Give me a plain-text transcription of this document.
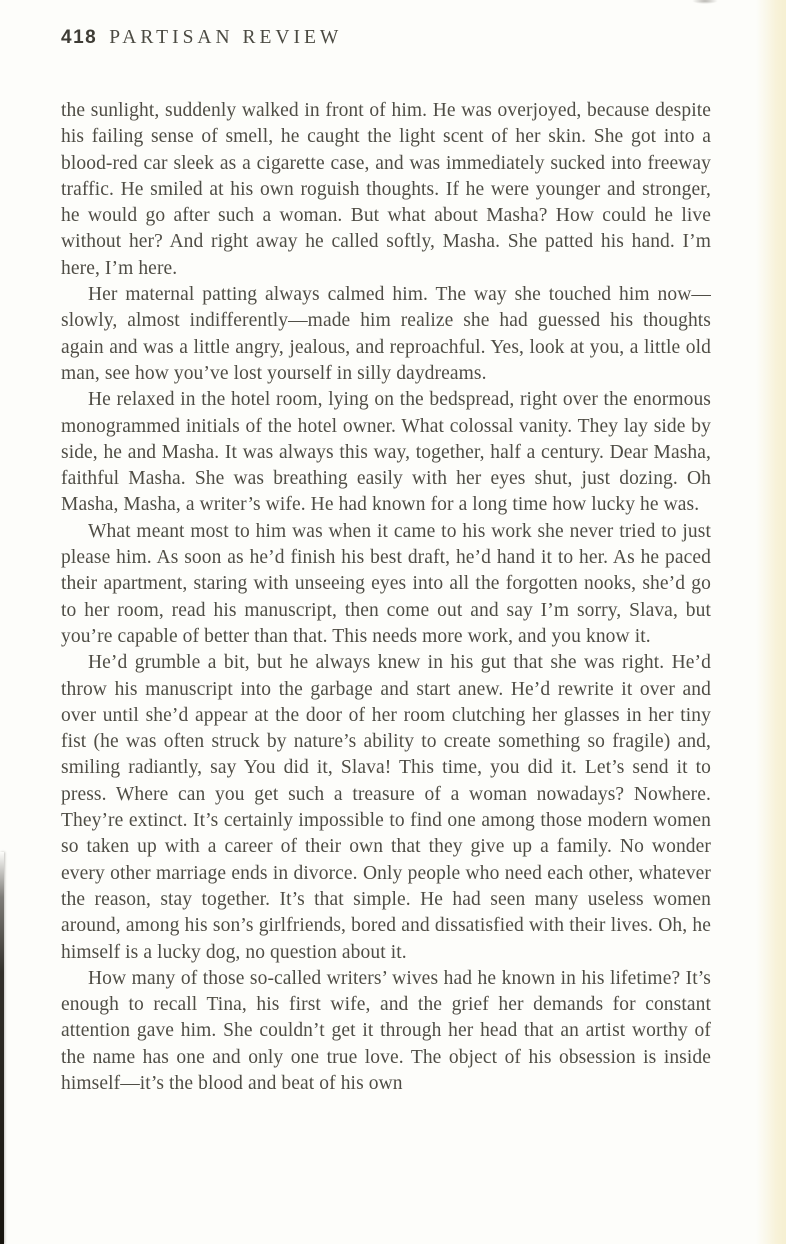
418 PARTISAN REVIEW

the sunlight, suddenly walked in front of him. He was overjoyed, because despite his failing sense of smell, he caught the light scent of her skin. She got into a blood-red car sleek as a cigarette case, and was immediately sucked into freeway traffic. He smiled at his own roguish thoughts. If he were younger and stronger, he would go after such a woman. But what about Masha? How could he live without her? And right away he called softly, Masha. She patted his hand. I’m here, I’m here.

Her maternal patting always calmed him. The way she touched him now—slowly, almost indifferently—made him realize she had guessed his thoughts again and was a little angry, jealous, and reproachful. Yes, look at you, a little old man, see how you’ve lost yourself in silly daydreams.

He relaxed in the hotel room, lying on the bedspread, right over the enormous monogrammed initials of the hotel owner. What colossal vanity. They lay side by side, he and Masha. It was always this way, together, half a century. Dear Masha, faithful Masha. She was breathing easily with her eyes shut, just dozing. Oh Masha, Masha, a writer’s wife. He had known for a long time how lucky he was.

What meant most to him was when it came to his work she never tried to just please him. As soon as he’d finish his best draft, he’d hand it to her. As he paced their apartment, staring with unseeing eyes into all the forgotten nooks, she’d go to her room, read his manuscript, then come out and say I’m sorry, Slava, but you’re capable of better than that. This needs more work, and you know it.

He’d grumble a bit, but he always knew in his gut that she was right. He’d throw his manuscript into the garbage and start anew. He’d rewrite it over and over until she’d appear at the door of her room clutching her glasses in her tiny fist (he was often struck by nature’s ability to create something so fragile) and, smiling radiantly, say You did it, Slava! This time, you did it. Let’s send it to press. Where can you get such a treasure of a woman nowadays? Nowhere. They’re extinct. It’s certainly impossible to find one among those modern women so taken up with a career of their own that they give up a family. No wonder every other marriage ends in divorce. Only people who need each other, whatever the reason, stay together. It’s that simple. He had seen many useless women around, among his son’s girlfriends, bored and dissatisfied with their lives. Oh, he himself is a lucky dog, no question about it.

How many of those so-called writers’ wives had he known in his lifetime? It’s enough to recall Tina, his first wife, and the grief her demands for constant attention gave him. She couldn’t get it through her head that an artist worthy of the name has one and only one true love. The object of his obsession is inside himself—it’s the blood and beat of his own
